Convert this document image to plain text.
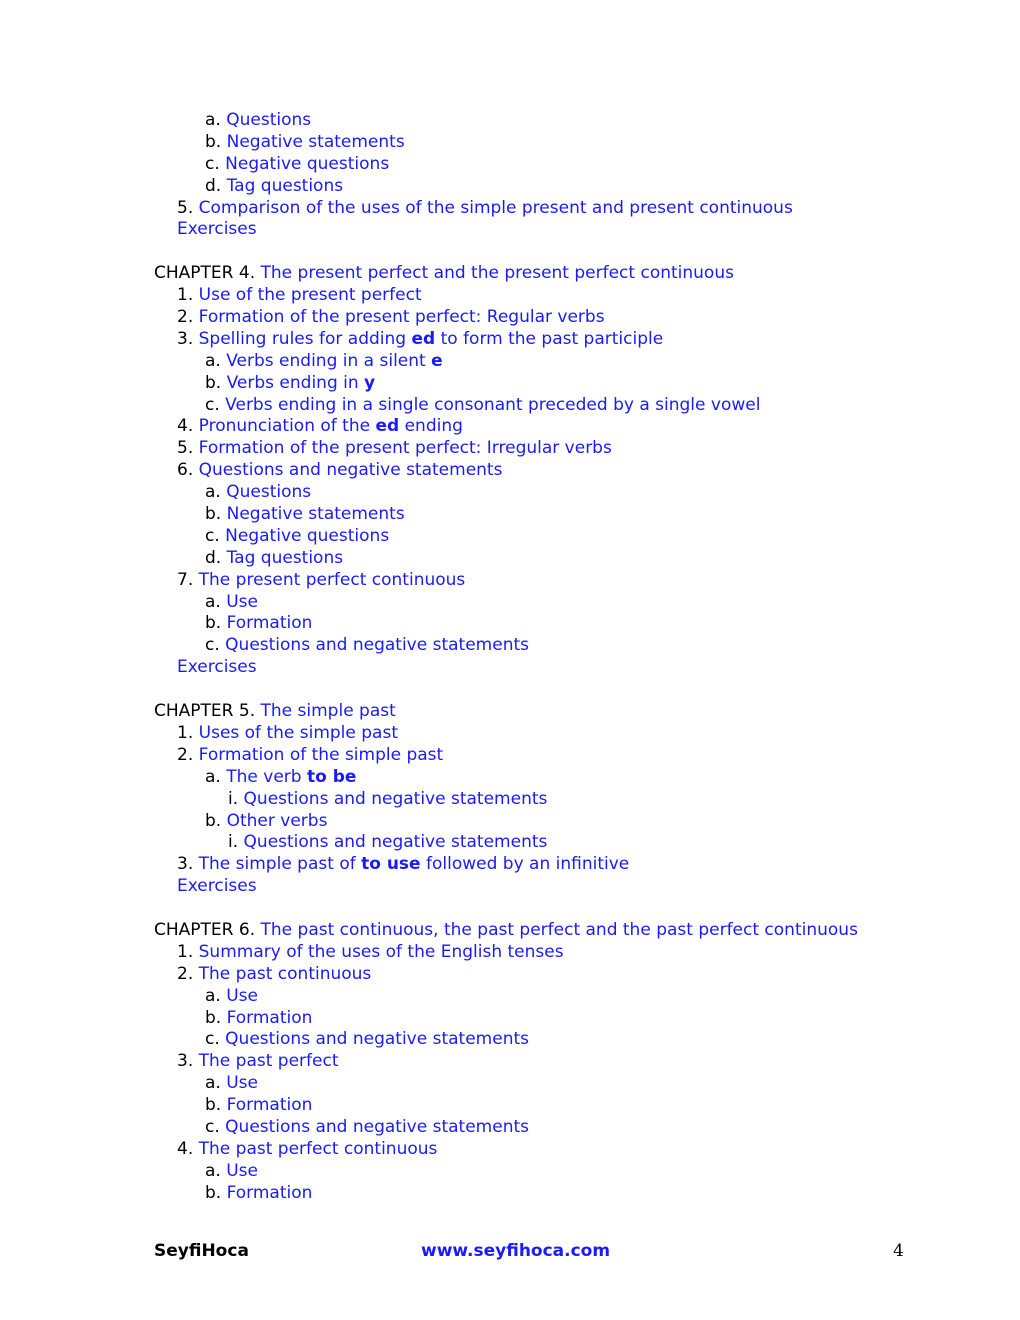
a. Questions
b. Negative statements
c. Negative questions
d. Tag questions
5. Comparison of the uses of the simple present and present continuous
Exercises
CHAPTER 4. The present perfect and the present perfect continuous
1. Use of the present perfect
2. Formation of the present perfect: Regular verbs
3. Spelling rules for adding ed to form the past participle
a. Verbs ending in a silent e
b. Verbs ending in y
c. Verbs ending in a single consonant preceded by a single vowel
4. Pronunciation of the ed ending
5. Formation of the present perfect: Irregular verbs
6. Questions and negative statements
a. Questions
b. Negative statements
c. Negative questions
d. Tag questions
7. The present perfect continuous
a. Use
b. Formation
c. Questions and negative statements
Exercises
CHAPTER 5. The simple past
1. Uses of the simple past
2. Formation of the simple past
a. The verb to be
i. Questions and negative statements
b. Other verbs
i. Questions and negative statements
3. The simple past of to use followed by an infinitive
Exercises
CHAPTER 6. The past continuous, the past perfect and the past perfect continuous
1. Summary of the uses of the English tenses
2. The past continuous
a. Use
b. Formation
c. Questions and negative statements
3. The past perfect
a. Use
b. Formation
c. Questions and negative statements
4. The past perfect continuous
a. Use
b. Formation
SeyfiHoca	www.seyfihoca.com	4
